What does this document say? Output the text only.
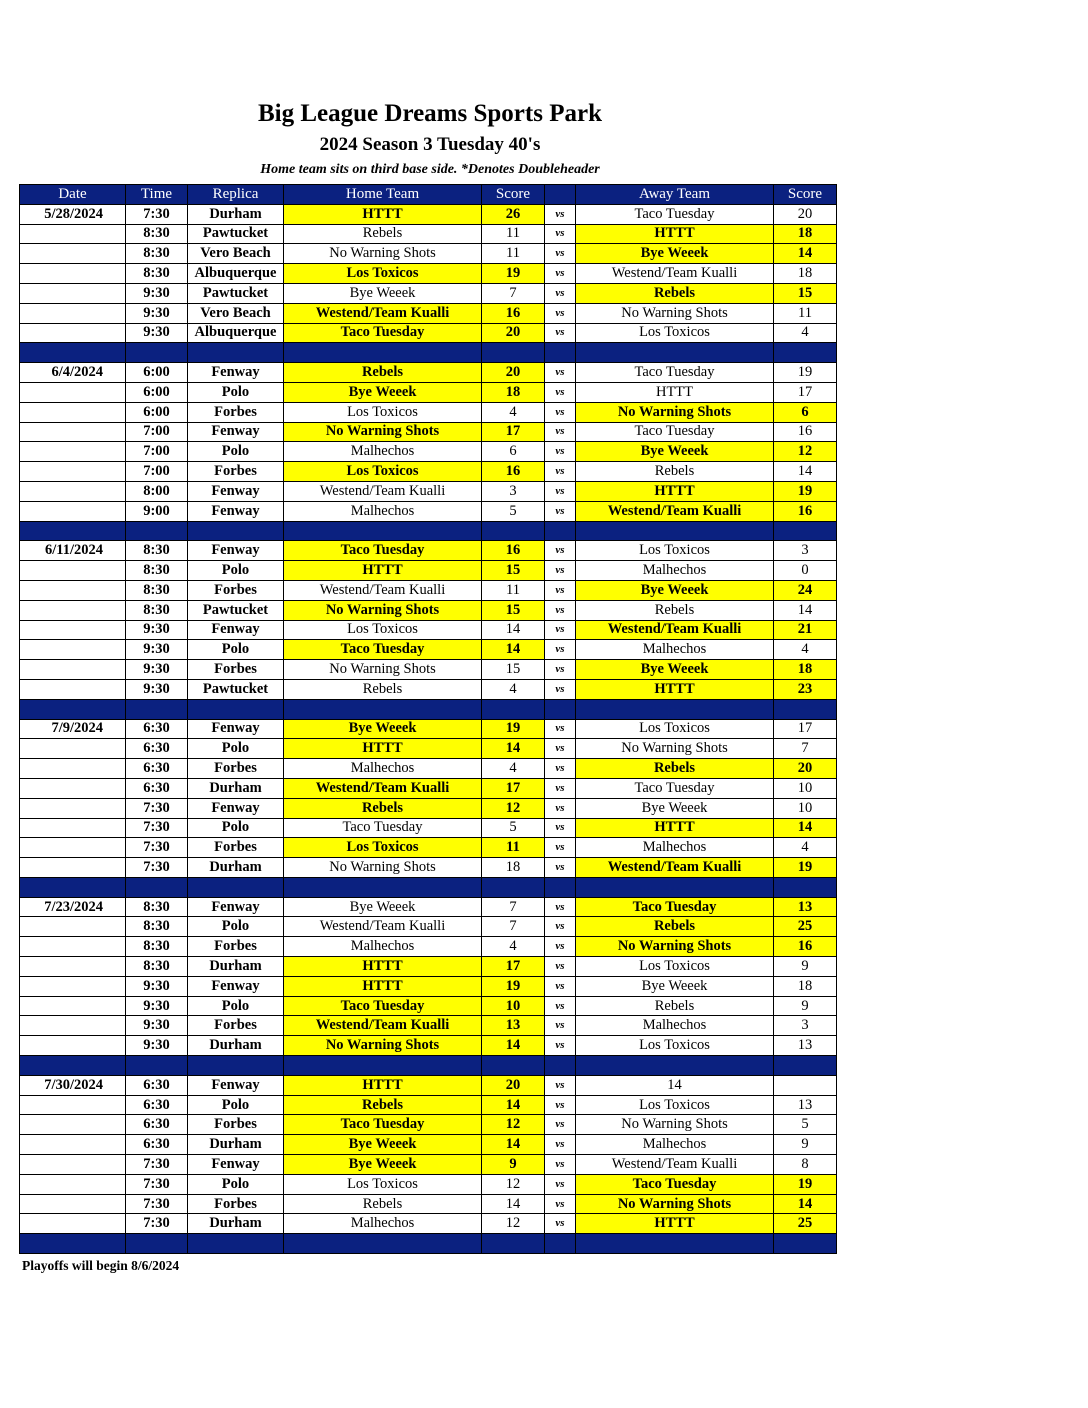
Big League Dreams Sports Park
2024 Season 3 Tuesday 40's
Home team sits on third base side. *Denotes Doubleheader
Date	Time	Replica	Home Team	Score		Away Team	Score
5/28/2024	7:30	Durham	HTTT	26	vs	Taco Tuesday	20
	8:30	Pawtucket	Rebels	11	vs	HTTT	18
	8:30	Vero Beach	No Warning Shots	11	vs	Bye Weeek	14
	8:30	Albuquerque	Los Toxicos	19	vs	Westend/Team Kualli	18
	9:30	Pawtucket	Bye Weeek	7	vs	Rebels	15
	9:30	Vero Beach	Westend/Team Kualli	16	vs	No Warning Shots	11
	9:30	Albuquerque	Taco Tuesday	20	vs	Los Toxicos	4

6/4/2024	6:00	Fenway	Rebels	20	vs	Taco Tuesday	19
	6:00	Polo	Bye Weeek	18	vs	HTTT	17
	6:00	Forbes	Los Toxicos	4	vs	No Warning Shots	6
	7:00	Fenway	No Warning Shots	17	vs	Taco Tuesday	16
	7:00	Polo	Malhechos	6	vs	Bye Weeek	12
	7:00	Forbes	Los Toxicos	16	vs	Rebels	14
	8:00	Fenway	Westend/Team Kualli	3	vs	HTTT	19
	9:00	Fenway	Malhechos	5	vs	Westend/Team Kualli	16

6/11/2024	8:30	Fenway	Taco Tuesday	16	vs	Los Toxicos	3
	8:30	Polo	HTTT	15	vs	Malhechos	0
	8:30	Forbes	Westend/Team Kualli	11	vs	Bye Weeek	24
	8:30	Pawtucket	No Warning Shots	15	vs	Rebels	14
	9:30	Fenway	Los Toxicos	14	vs	Westend/Team Kualli	21
	9:30	Polo	Taco Tuesday	14	vs	Malhechos	4
	9:30	Forbes	No Warning Shots	15	vs	Bye Weeek	18
	9:30	Pawtucket	Rebels	4	vs	HTTT	23

7/9/2024	6:30	Fenway	Bye Weeek	19	vs	Los Toxicos	17
	6:30	Polo	HTTT	14	vs	No Warning Shots	7
	6:30	Forbes	Malhechos	4	vs	Rebels	20
	6:30	Durham	Westend/Team Kualli	17	vs	Taco Tuesday	10
	7:30	Fenway	Rebels	12	vs	Bye Weeek	10
	7:30	Polo	Taco Tuesday	5	vs	HTTT	14
	7:30	Forbes	Los Toxicos	11	vs	Malhechos	4
	7:30	Durham	No Warning Shots	18	vs	Westend/Team Kualli	19

7/23/2024	8:30	Fenway	Bye Weeek	7	vs	Taco Tuesday	13
	8:30	Polo	Westend/Team Kualli	7	vs	Rebels	25
	8:30	Forbes	Malhechos	4	vs	No Warning Shots	16
	8:30	Durham	HTTT	17	vs	Los Toxicos	9
	9:30	Fenway	HTTT	19	vs	Bye Weeek	18
	9:30	Polo	Taco Tuesday	10	vs	Rebels	9
	9:30	Forbes	Westend/Team Kualli	13	vs	Malhechos	3
	9:30	Durham	No Warning Shots	14	vs	Los Toxicos	13

7/30/2024	6:30	Fenway	HTTT	20	vs	14	
	6:30	Polo	Rebels	14	vs	Los Toxicos	13
	6:30	Forbes	Taco Tuesday	12	vs	No Warning Shots	5
	6:30	Durham	Bye Weeek	14	vs	Malhechos	9
	7:30	Fenway	Bye Weeek	9	vs	Westend/Team Kualli	8
	7:30	Polo	Los Toxicos	12	vs	Taco Tuesday	19
	7:30	Forbes	Rebels	14	vs	No Warning Shots	14
	7:30	Durham	Malhechos	12	vs	HTTT	25

Playoffs will begin 8/6/2024
